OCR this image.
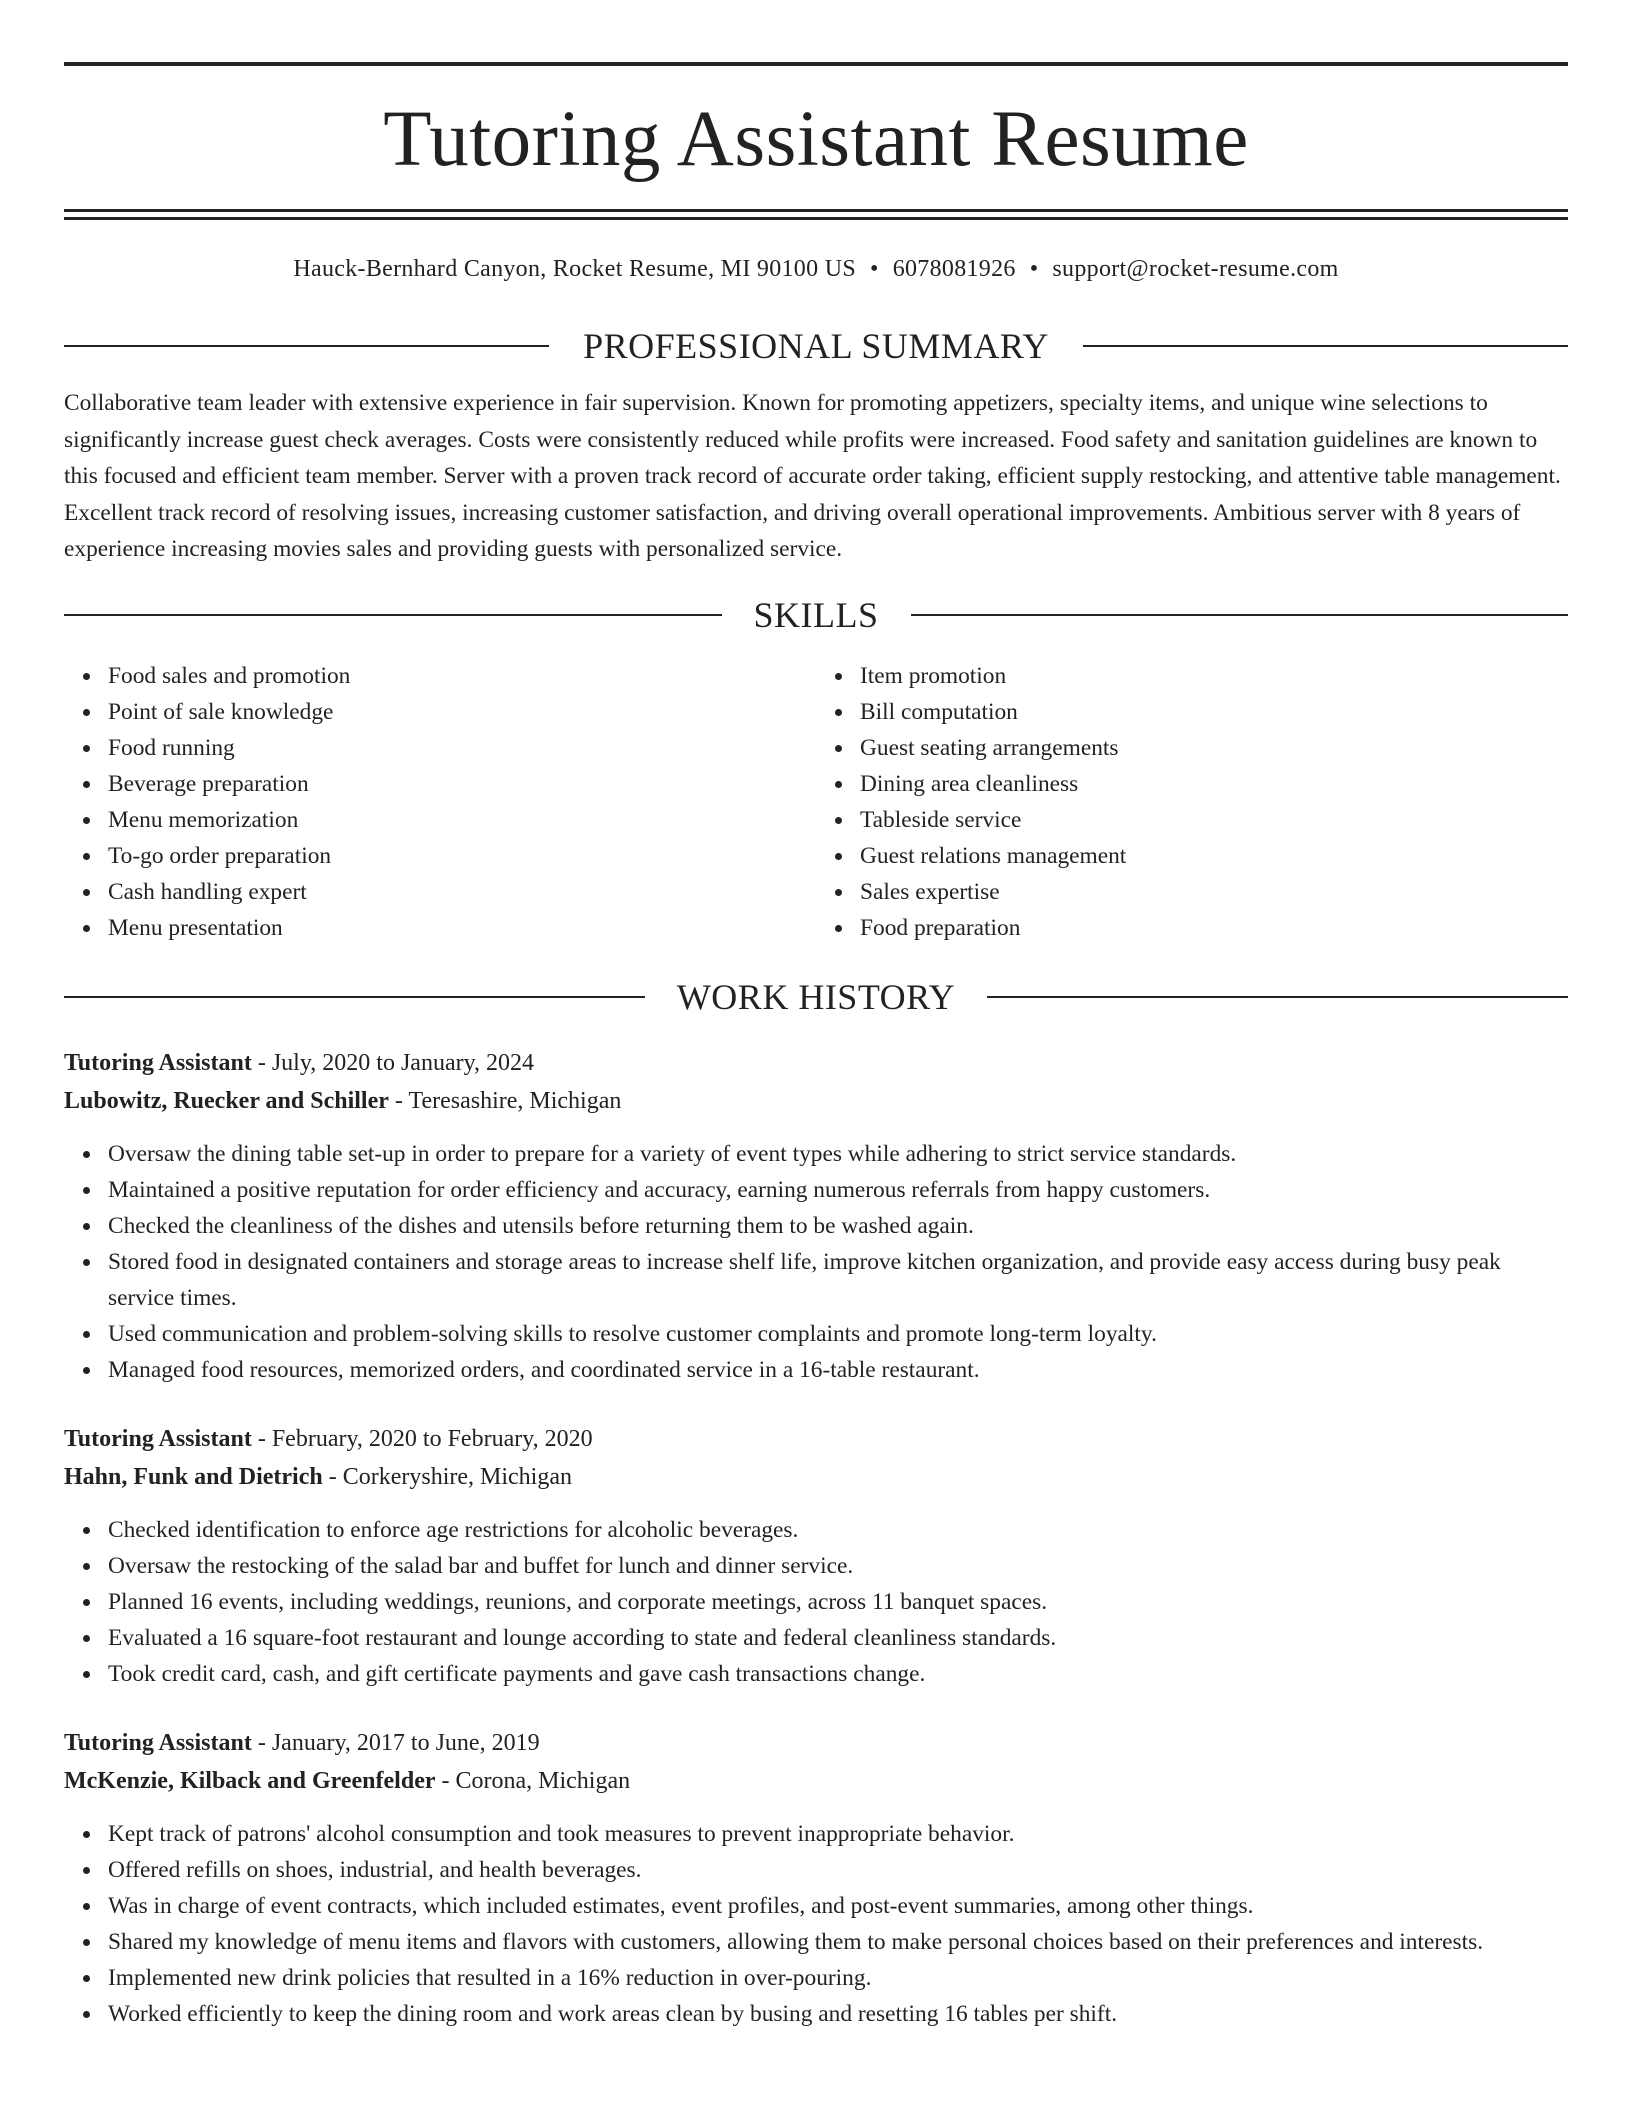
Tutoring Assistant Resume
Hauck-Bernhard Canyon, Rocket Resume, MI 90100 US • 6078081926 • support@rocket-resume.com
PROFESSIONAL SUMMARY
Collaborative team leader with extensive experience in fair supervision. Known for promoting appetizers, specialty items, and unique wine selections to significantly increase guest check averages. Costs were consistently reduced while profits were increased. Food safety and sanitation guidelines are known to this focused and efficient team member. Server with a proven track record of accurate order taking, efficient supply restocking, and attentive table management. Excellent track record of resolving issues, increasing customer satisfaction, and driving overall operational improvements. Ambitious server with 8 years of experience increasing movies sales and providing guests with personalized service.
SKILLS
Food sales and promotion
Point of sale knowledge
Food running
Beverage preparation
Menu memorization
To-go order preparation
Cash handling expert
Menu presentation
Item promotion
Bill computation
Guest seating arrangements
Dining area cleanliness
Tableside service
Guest relations management
Sales expertise
Food preparation
WORK HISTORY
Tutoring Assistant - July, 2020 to January, 2024
Lubowitz, Ruecker and Schiller - Teresashire, Michigan
Oversaw the dining table set-up in order to prepare for a variety of event types while adhering to strict service standards.
Maintained a positive reputation for order efficiency and accuracy, earning numerous referrals from happy customers.
Checked the cleanliness of the dishes and utensils before returning them to be washed again.
Stored food in designated containers and storage areas to increase shelf life, improve kitchen organization, and provide easy access during busy peak service times.
Used communication and problem-solving skills to resolve customer complaints and promote long-term loyalty.
Managed food resources, memorized orders, and coordinated service in a 16-table restaurant.
Tutoring Assistant - February, 2020 to February, 2020
Hahn, Funk and Dietrich - Corkeryshire, Michigan
Checked identification to enforce age restrictions for alcoholic beverages.
Oversaw the restocking of the salad bar and buffet for lunch and dinner service.
Planned 16 events, including weddings, reunions, and corporate meetings, across 11 banquet spaces.
Evaluated a 16 square-foot restaurant and lounge according to state and federal cleanliness standards.
Took credit card, cash, and gift certificate payments and gave cash transactions change.
Tutoring Assistant - January, 2017 to June, 2019
McKenzie, Kilback and Greenfelder - Corona, Michigan
Kept track of patrons' alcohol consumption and took measures to prevent inappropriate behavior.
Offered refills on shoes, industrial, and health beverages.
Was in charge of event contracts, which included estimates, event profiles, and post-event summaries, among other things.
Shared my knowledge of menu items and flavors with customers, allowing them to make personal choices based on their preferences and interests.
Implemented new drink policies that resulted in a 16% reduction in over-pouring.
Worked efficiently to keep the dining room and work areas clean by busing and resetting 16 tables per shift.
